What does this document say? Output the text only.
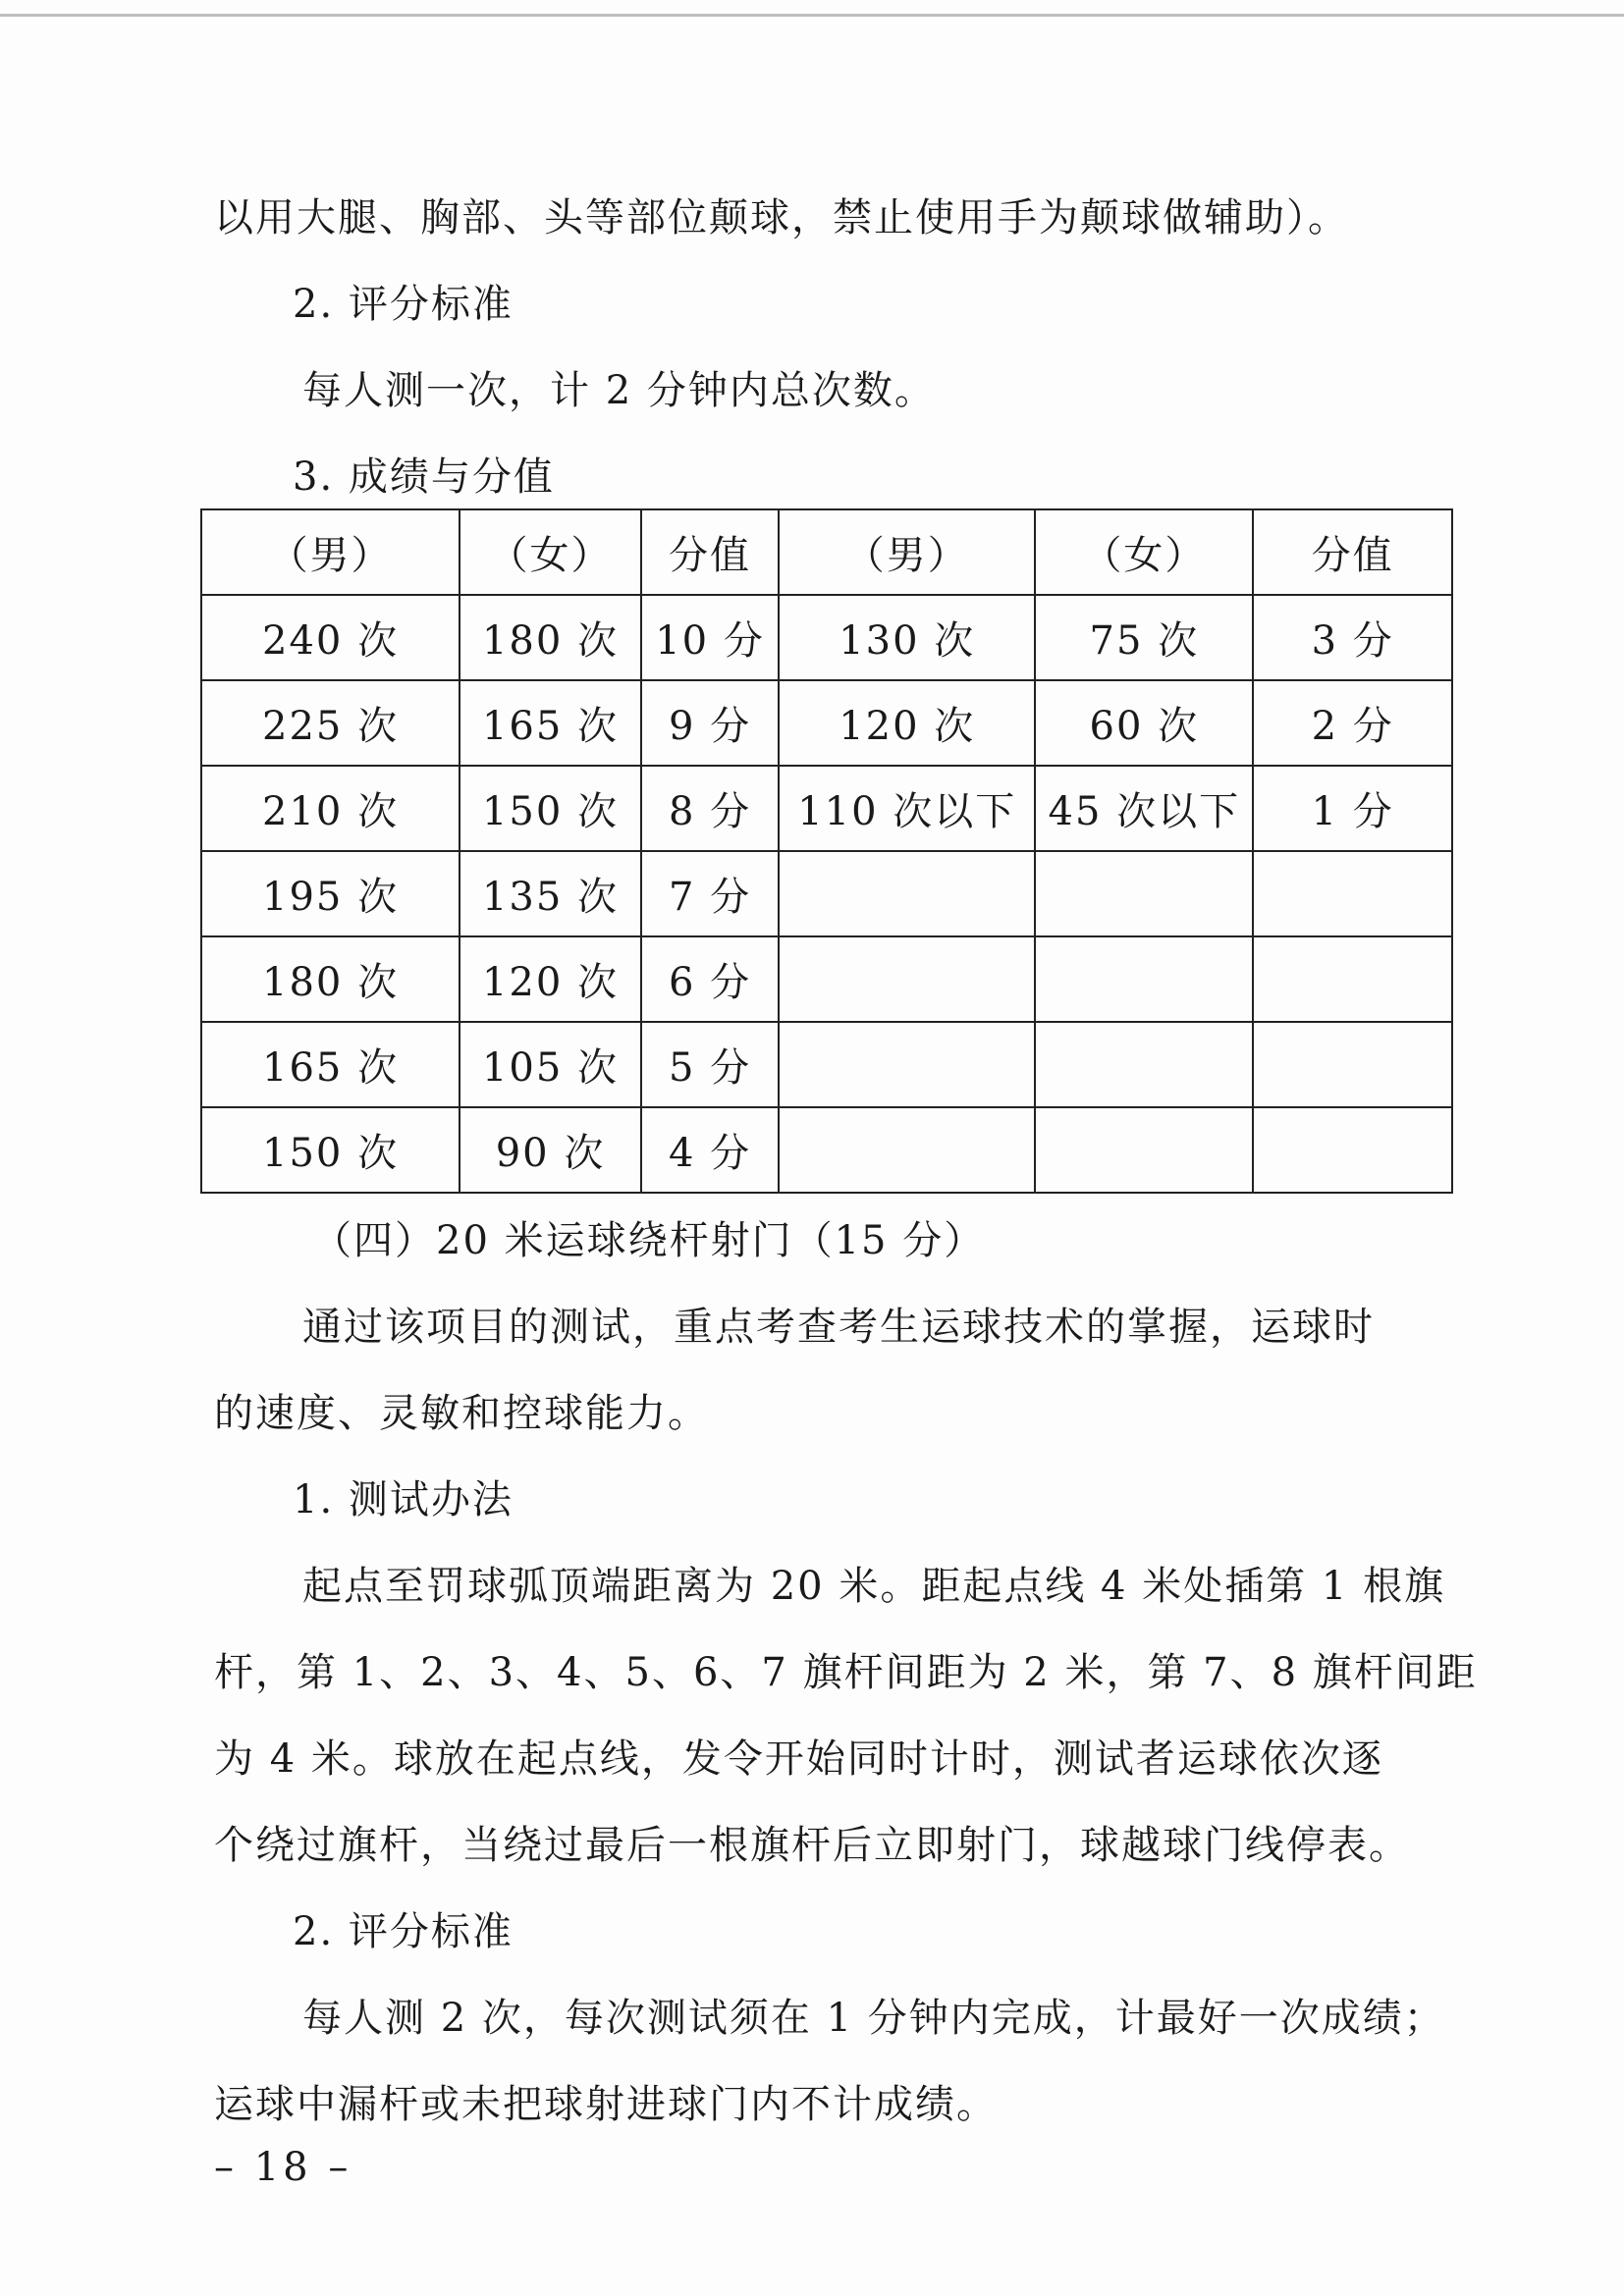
以用大腿、胸部、头等部位颠球，禁止使用手为颠球做辅助）。

2. 评分标准

每人测一次，计 2 分钟内总次数。

3. 成绩与分值

（男）	（女）	分值	（男）	（女）	分值
240 次	180 次	10 分	130 次	75 次	3 分
225 次	165 次	9 分	120 次	60 次	2 分
210 次	150 次	8 分	110 次以下	45 次以下	1 分
195 次	135 次	7 分			
180 次	120 次	6 分			
165 次	105 次	5 分			
150 次	90 次	4 分			

（四）20 米运球绕杆射门（15 分）

通过该项目的测试，重点考查考生运球技术的掌握，运球时

的速度、灵敏和控球能力。

1. 测试办法

起点至罚球弧顶端距离为 20 米。距起点线 4 米处插第 1 根旗

杆，第 1、2、3、4、5、6、7 旗杆间距为 2 米，第 7、8 旗杆间距

为 4 米。球放在起点线，发令开始同时计时，测试者运球依次逐

个绕过旗杆，当绕过最后一根旗杆后立即射门，球越球门线停表。

2. 评分标准

每人测 2 次，每次测试须在 1 分钟内完成，计最好一次成绩；

运球中漏杆或未把球射进球门内不计成绩。

– 18 –
